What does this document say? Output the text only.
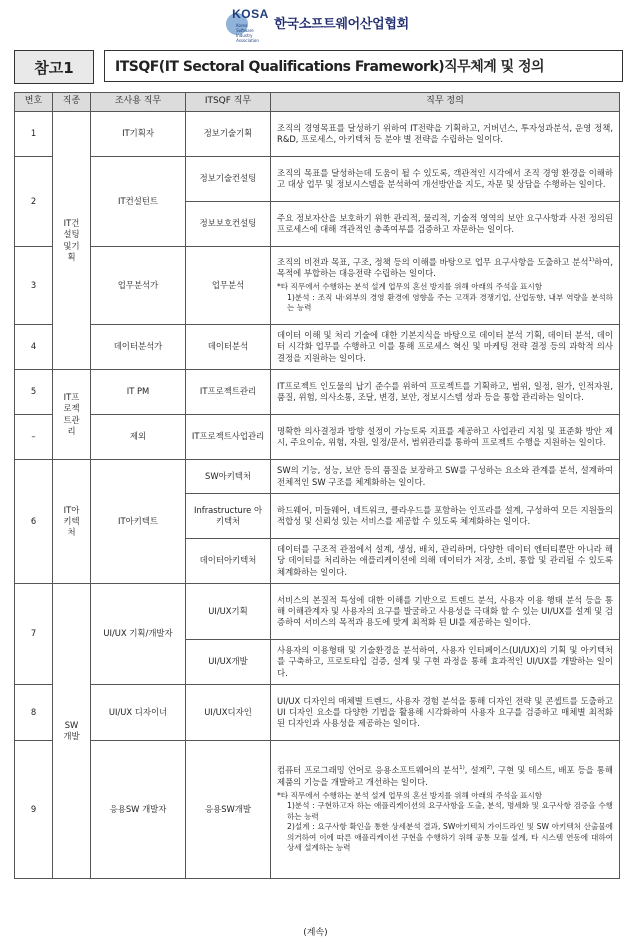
KOSA
Korea Software Industry Association
한국소프트웨어산업협회
참고1	ITSQF(IT Sectoral Qualifications Framework)직무체계 및 정의
번호	직종	조사용 직무	ITSQF 직무	직무 정의
1	IT건설팅및기획	IT기획자	정보기술기획	조직의 경영목표를 달성하기 위하여 IT전략을 기획하고, 거버넌스, 투자성과분석, 운영 정책, R&D, 프로세스, 아키텍처 등 분야 별 전략을 수립하는 일이다.
2		IT컨설턴트	정보기술컨설팅	조직의 목표를 달성하는데 도움이 될 수 있도록, 객관적인 시각에서 조직 경영 환경을 이해하고 대상 업무 및 정보시스템을 분석하여 개선방안을 지도, 자문 및 상담을 수행하는 일이다.
			정보보호컨설팅	주요 정보자산을 보호하기 위한 관리적, 물리적, 기술적 영역의 보안 요구사항과 사전 정의된 프로세스에 대해 객관적인 충족여부를 검증하고 자문하는 일이다.
3		업무분석가	업무분석	조직의 비전과 목표, 구조, 정책 등의 이해를 바탕으로 업무 요구사항을 도출하고 분석$^{1)}$하여, 목적에 부합하는 대응전략 수립하는 일이다.
*타 직무에서 수행하는 분석 설계 업무의 혼선 방지를 위해 아래의 주석을 표시함
1)분석 : 조직 내·외부의 경영 환경에 영향을 주는 고객과 경쟁기업, 산업동향, 내부 역량을 분석하는 능력

4		데이터분석가	데이터분석	데이터 이해 및 처리 기술에 대한 기본지식을 바탕으로 데이터 분석 기획, 데이터 분석, 데이터 시각화 업무를 수행하고 이를 통해 프로세스 혁신 및 마케팅 전략 결정 등의 과학적 의사결정을 지원하는 일이다.
5	IT프로젝트관리	IT PM	IT프로젝트관리	IT프로젝트 인도물의 납기 준수를 위하여 프로젝트를 기획하고, 범위, 일정, 원가, 인적자원, 품질, 위험, 의사소통, 조달, 변경, 보안, 정보시스템 성과 등을 통합 관리하는 일이다.
–		제외	IT프로젝트사업관리	명확한 의사결정과 방향 설정이 가능토록 지표를 제공하고 사업관리 지침 및 표준화 방안 제시, 주요이슈, 위험, 자원, 일정/문서, 범위관리를 통하여 프로젝트 수행을 지원하는 일이다.
6	IT아키텍처	IT아키텍트	SW아키텍처	SW의 기능, 성능, 보안 등의 품질을 보장하고 SW를 구성하는 요소와 관계를 분석, 설계하여 전체적인 SW 구조를 체계화하는 일이다.
			Infrastructure 아키텍처	하드웨어, 미들웨어, 네트워크, 클라우드를 포함하는 인프라를 설계, 구성하여 모든 지원들의 적합성 및 신뢰성 있는 서비스를 제공할 수 있도록 체계화하는 일이다.
			데이터아키텍처	데이터를 구조적 관점에서 설계, 생성, 배치, 관리하며, 다양한 데이터 엔터티뿐만 아니라 해당 데이터를 처리하는 애플리케이션에 의해 데이터가 저장, 소비, 통합 및 관리될 수 있도록 체계화하는 일이다.
7	SW개발	UI/UX 기획/개발자	UI/UX기획	서비스의 본질적 특성에 대한 이해를 기반으로 트렌드 분석, 사용자 이용 행태 분석 등을 통해 이해관계자 및 사용자의 요구를 발굴하고 사용성을 극대화 할 수 있는 UI/UX를 설계 및 검증하여 서비스의 목적과 용도에 맞게 최적화 된 UI를 제공하는 일이다.
			UI/UX개발	사용자의 이용형태 및 기술환경을 분석하여, 사용자 인터페이스(UI/UX)의 기획 및 아키텍처를 구축하고, 프로토타입 검증, 설계 및 구현 과정을 통해 효과적인 UI/UX를 개발하는 일이다.
8		UI/UX 디자이너	UI/UX디자인	UI/UX 디자인의 매체별 트렌드, 사용자 경험 분석을 통해 디자인 전략 및 콘셉트를 도출하고 UI 디자인 요소를 다양한 기법을 활용해 시각화하여 사용자 요구를 검증하고 매체별 최적화된 디자인과 사용성을 제공하는 일이다.
9		응용SW 개발자	응용SW개발	컴퓨터 프로그래밍 언어로 응용소프트웨어의 분석$^{1)}$, 설계$^{2)}$, 구현 및 테스트, 배포 등을 통해 제품의 기능을 개발하고 개선하는 일이다.
*타 직무에서 수행하는 분석 설계 업무의 혼선 방지를 위해 아래의 주석을 표시함
1)분석 : 구현하고자 하는 애플리케이션의 요구사항을 도출, 분석, 명세화 및 요구사항 검증을 수행하는 능력
2)설계 : 요구사항 확인을 통한 상세분석 결과, SW아키텍처 가이드라인 및 SW 아키텍처 산출물에 의거하여 이에 따른 애플리케이션 구현을 수행하기 위해 공통 모듈 설계, 타 시스템 연동에 대하여 상세 설계하는 능력
(계속)
